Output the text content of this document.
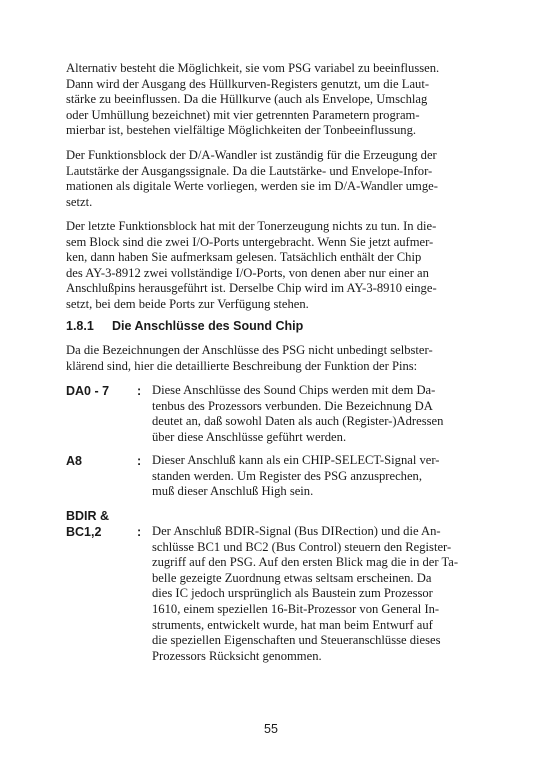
Alternativ besteht die Möglichkeit, sie vom PSG variabel zu beeinflussen.
Dann wird der Ausgang des Hüllkurven-Registers genutzt, um die Laut-
stärke zu beeinflussen. Da die Hüllkurve (auch als Envelope, Umschlag
oder Umhüllung bezeichnet) mit vier getrennten Parametern program-
mierbar ist, bestehen vielfältige Möglichkeiten der Tonbeeinflussung.

Der Funktionsblock der D/A-Wandler ist zuständig für die Erzeugung der
Lautstärke der Ausgangssignale. Da die Lautstärke- und Envelope-Infor-
mationen als digitale Werte vorliegen, werden sie im D/A-Wandler umge-
setzt.

Der letzte Funktionsblock hat mit der Tonerzeugung nichts zu tun. In die-
sem Block sind die zwei I/O-Ports untergebracht. Wenn Sie jetzt aufmer-
ken, dann haben Sie aufmerksam gelesen. Tatsächlich enthält der Chip
des AY-3-8912 zwei vollständige I/O-Ports, von denen aber nur einer an
Anschlußpins herausgeführt ist. Derselbe Chip wird im AY-3-8910 einge-
setzt, bei dem beide Ports zur Verfügung stehen.

1.8.1 Die Anschlüsse des Sound Chip

Da die Bezeichnungen der Anschlüsse des PSG nicht unbedingt selbster-
klärend sind, hier die detaillierte Beschreibung der Funktion der Pins:

DA0 - 7 : Diese Anschlüsse des Sound Chips werden mit dem Da-
tenbus des Prozessors verbunden. Die Bezeichnung DA
deutet an, daß sowohl Daten als auch (Register-)Adressen
über diese Anschlüsse geführt werden.

A8	: Dieser Anschluß kann als ein CHIP-SELECT-Signal ver-
standen werden. Um Register des PSG anzusprechen,
muß dieser Anschluß High sein.

BDIR &
BC1,2	: Der Anschluß BDIR-Signal (Bus DIRection) und die An-
schlüsse BC1 und BC2 (Bus Control) steuern den Register-
zugriff auf den PSG. Auf den ersten Blick mag die in der Ta-
belle gezeigte Zuordnung etwas seltsam erscheinen. Da
dies IC jedoch ursprünglich als Baustein zum Prozessor
1610, einem speziellen 16-Bit-Prozessor von General In-
struments, entwickelt wurde, hat man beim Entwurf auf
die speziellen Eigenschaften und Steueranschlüsse dieses
Prozessors Rücksicht genommen.

55
